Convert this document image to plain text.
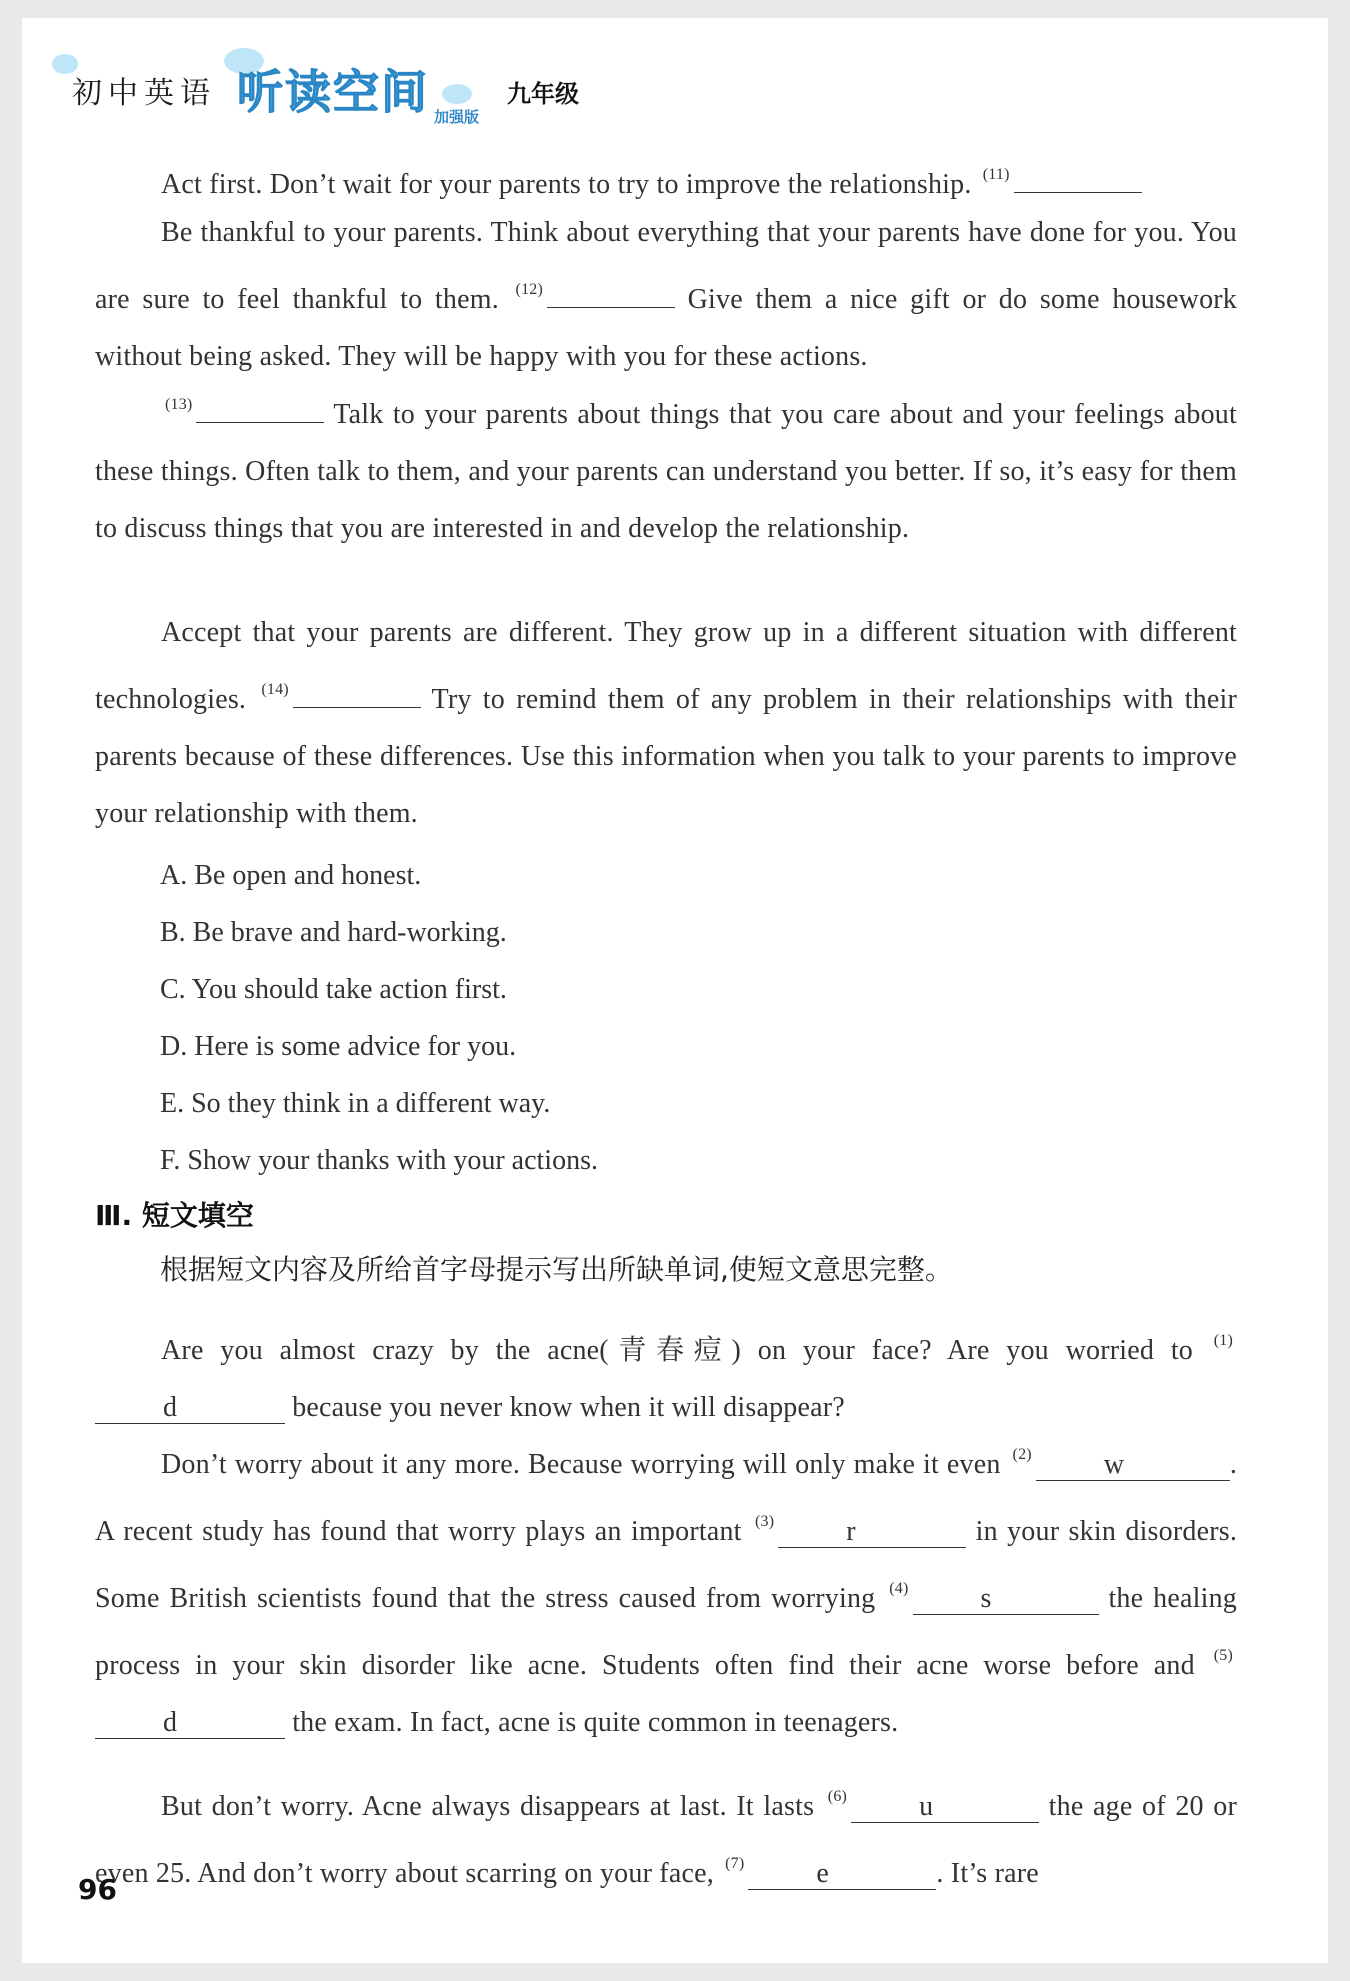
初中英语 听读空间 加强版
九年级
Act first. Don’t wait for your parents to try to improve the relationship. $^{(11)}$
Be thankful to your parents. Think about everything that your parents have done for you. You are sure to feel thankful to them. $^{(12)}$	Give them a nice gift or do some housework without being asked. They will be happy with you for these actions.
$^{(13)}$	Talk to your parents about things that you care about and your feelings about these things. Often talk to them, and your parents can understand you better. If so, it’s easy for them to discuss things that you are interested in and develop the relationship.
Accept that your parents are different. They grow up in a different situation with different technologies. $^{(14)}$	Try to remind them of any problem in their relationships with their parents because of these differences. Use this information when you talk to your parents to improve your relationship with them.
A. Be open and honest.
B. Be brave and hard-working.
C. You should take action first.
D. Here is some advice for you.
E. So they think in a different way.
F. Show your thanks with your actions.
Ⅲ. 短文填空
根据短文内容及所给首字母提示写出所缺单词,使短文意思完整。
Are you almost crazy by the acne(青春痘) on your face? Are you worried to $^{(1)}$d	because you never know when it will disappear?
Don’t worry about it any more. Because worrying will only make it even $^{(2)}$	w	. A recent study has found that worry plays an important $^{(3)}$	r	in your skin disorders. Some British scientists found that the stress caused from worrying $^{(4)}$	s	the healing process in your skin disorder like acne. Students often find their acne worse before and $^{(5)}$d	the exam. In fact, acne is quite common in teenagers.
But don’t worry. Acne always disappears at last. It lasts $^{(6)}$	u	the age of 20 or even 25. And don’t worry about scarring on your face, $^{(7)}$	e	. It’s rare
96
